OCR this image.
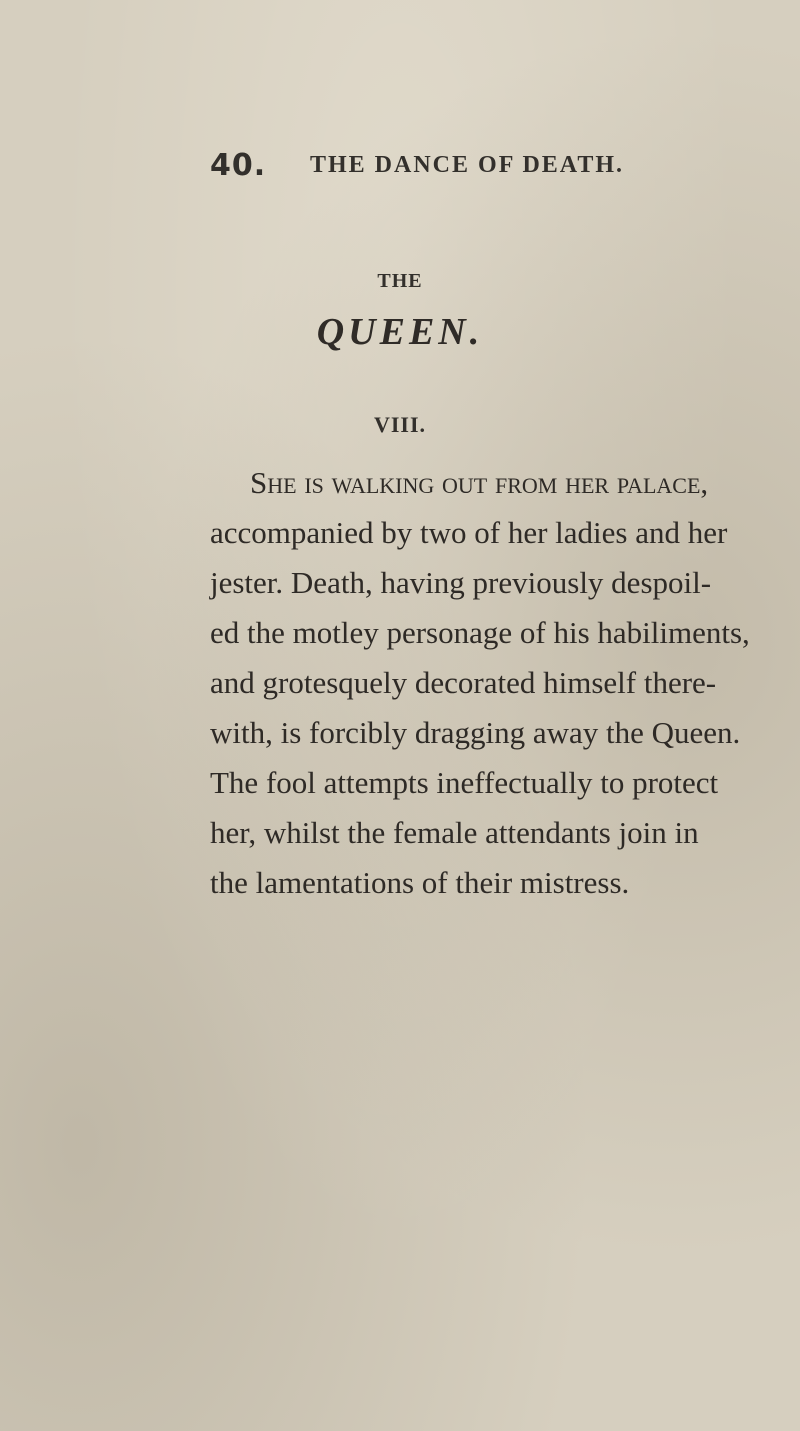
40. THE DANCE OF DEATH.
THE
QUEEN.
VIII.
She is walking out from her palace,
accompanied by two of her ladies and her
jester. Death, having previously despoil-
ed the motley personage of his habiliments,
and grotesquely decorated himself there-
with, is forcibly dragging away the Queen.
The fool attempts ineffectually to protect
her, whilst the female attendants join in
the lamentations of their mistress.
